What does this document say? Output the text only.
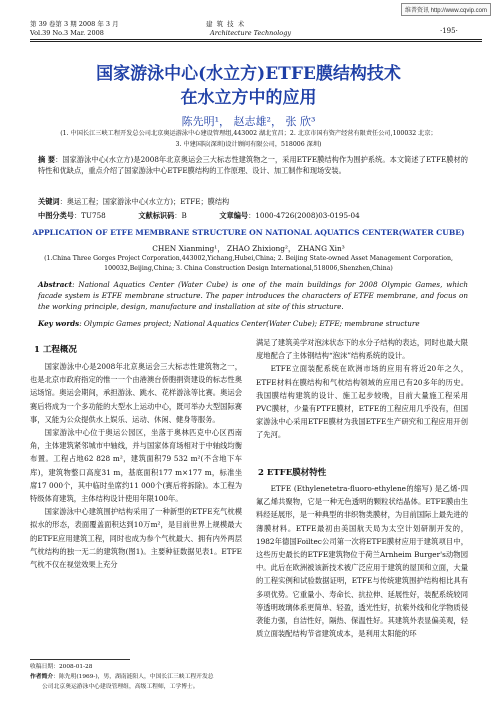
维普资讯 http://www.cqvip.com
第 39 卷第 3 期 2008 年 3 月	建 筑 技 术
Vol.39 No.3 Mar. 2008	Architecture Technology	·195·
国家游泳中心(水立方)ETFE膜结构技术
在水立方中的应用
陈先明¹， 赵志雄²， 张 欣³
(1. 中国长江三峡工程开发总公司北京奥运游泳中心建设管理组,443002 湖北宜昌；2. 北京市国有资产经营有限责任公司,100032 北京；
3. 中建国际(深圳)设计顾问有限公司，518006 深圳)
摘 要：国家游泳中心(水立方)是2008年北京奥运会三大标志性建筑物之一，采用ETFE膜结构作为围护系统。本文简述了ETFE膜材的特性和优缺点，重点介绍了国家游泳中心ETFE膜结构的工作原理、设计、加工制作和现场安装。
关键词：奥运工程；国家游泳中心(水立方)；ETFE；膜结构
中图分类号：TU758	文献标识码：B	文章编号：1000-4726(2008)03-0195-04
APPLICATION OF ETFE MEMBRANE STRUCTURE ON NATIONAL AQUATICS CENTER(WATER CUBE)
CHEN Xianming¹， ZHAO Zhixiong²， ZHANG Xin³
(1.China Three Gorges Project Corporation,443002,Yichang,Hubei,China; 2. Beijing State-owned Asset Management Corporation,
100032,Beijing,China; 3. China Construction Design International,518006,Shenzhen,China)
Abstract: National Aquatics Center (Water Cube) is one of the main buildings for 2008 Olympic Games, which facade system is ETFE membrane structure. The paper introduces the characters of ETFE membrane, and focus on the working principle, design, manufacture and installation at site of this structure.
Key words: Olympic Games project; National Aquatics Center(Water Cube); ETFE; membrane structure
1 工程概况

国家游泳中心是2008年北京奥运会三大标志性建筑物之一，也是北京市政府指定的惟一一个由港澳台侨胞捐资建设的标志性奥运场馆。奥运会期间，承担游泳、跳水、花样游泳等比赛。奥运会赛后将成为一个多功能的大型水上运动中心，既可举办大型国际赛事，又能为公众提供水上娱乐、运动、休闲、健身等服务。

国家游泳中心位于奥运公园区，坐落于奥林匹克中心区西南角，主体建筑紧邻城市中轴线，并与国家体育场相对于中轴线均衡布置。工程占地62 828 m²，建筑面积79 532 m²(不含地下车库)，建筑物整口高度31 m，基底面积177 m×177 m，标准坐席17 000个，其中临时坐席约11 000个(赛后将拆除)。本工程为特级体育建筑，主体结构设计使用年限100年。

国家游泳中心建筑围护结构采用了一种新型的ETFE充气枕模拟水的形态，表面覆盖面积达到10万m²，是目前世界上规模最大的ETFE应用建筑工程，同时也成为参个气枕最大、拥有内外两层气枕结构的独一无二的建筑物(图1)。主要种征数据见表1。ETFE气枕不仅在视觉效果上充分

收稿日期：2008-01-28
作者简介：陈先明(1969-)，男，湖南涟阳人，中国长江三峡工程开发总
公司北京奥运游泳中心建设管理组，高级工程师，工学博士。

满足了建筑美学对泡沫状态下的水分子结构的表达，同时也最大限度地配合了主体钢结构“泡沫”结构系统的设计。

ETFE立面装配系统在欧洲市场的应用有将近20年之久，ETFE材料在膜结构和气枕结构领域的应用已有20多年的历史。我国膜结构建筑的设计、施工起步较晚，目前大量施工程采用PVC膜材，少量有PTFE膜材，ETFE的工程应用几乎没有，但国家游泳中心采用ETFE膜材为我国ETFE生产研究和工程应用开创了先河。

2 ETFE膜材特性

ETFE (Ethylenetetra-fluoro-ethylene的缩写) 是乙烯-四氟乙烯共聚物，它是一种无色透明的颗粒状结晶体。ETFE膜由生料经延展形，是一种典型的非织物类膜材，为目前国际上最先进的薄膜材料。ETFE最初由美国航天局为太空计划研制开发的，1982年德国Foiltec公司第一次将ETFE膜材应用于建筑项目中，这些历史最长的ETFE建筑物位于荷兰Arnheim Burger's动物园中。此后在欧洲被该新技术被广泛应用于建筑的屋顶和立面，大量的工程实例和试验数据证明，ETFE与传统建筑围护结构相比具有多项优势。它重量小、寿命长、抗拉伸、延展性好，装配系统较同等透明玻璃体系更简单、轻盈，透光性好，抗紫外线和化学物质侵袭能力强，自洁性好，隔热、保温性好。其建筑外表显偏美观，轻质立面装配结构节省建筑成本，是利用太阳能的环
